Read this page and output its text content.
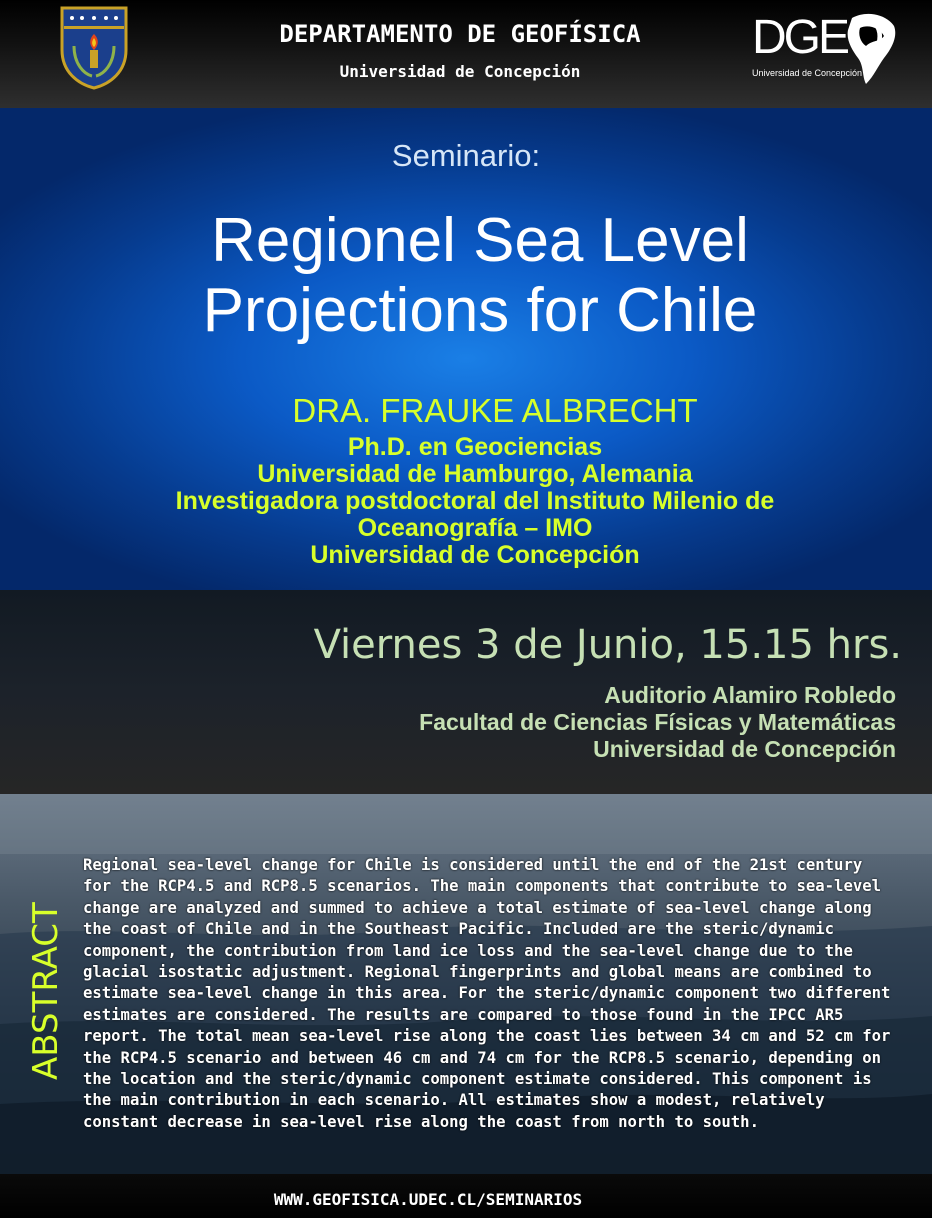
DEPARTAMENTO DE GEOFÍSICA
Universidad de Concepción
DGEO
Universidad de Concepción
Seminario:
Regionel Sea Level
Projections for Chile
DRA. FRAUKE ALBRECHT
Ph.D. en Geociencias
Universidad de Hamburgo, Alemania
Investigadora postdoctoral del Instituto Milenio de
Oceanografía – IMO
Universidad de Concepción
Viernes 3 de Junio, 15.15 hrs.
Auditorio Alamiro Robledo
Facultad de Ciencias Físicas y Matemáticas
Universidad de Concepción
ABSTRACT
Regional sea-level change for Chile is considered until the end of the 21st century for the RCP4.5 and RCP8.5 scenarios. The main components that contribute to sea-level change are analyzed and summed to achieve a total estimate of sea-level change along the coast of Chile and in the Southeast Pacific. Included are the steric/dynamic component, the contribution from land ice loss and the sea-level change due to the glacial isostatic adjustment. Regional fingerprints and global means are combined to estimate sea-level change in this area. For the steric/dynamic component two different estimates are considered. The results are compared to those found in the IPCC AR5 report. The total mean sea-level rise along the coast lies between 34 cm and 52 cm for the RCP4.5 scenario and between 46 cm and 74 cm for the RCP8.5 scenario, depending on the location and the steric/dynamic component estimate considered. This component is the main contribution in each scenario. All estimates show a modest, relatively constant decrease in sea-level rise along the coast from north to south.
WWW.GEOFISICA.UDEC.CL/SEMINARIOS
